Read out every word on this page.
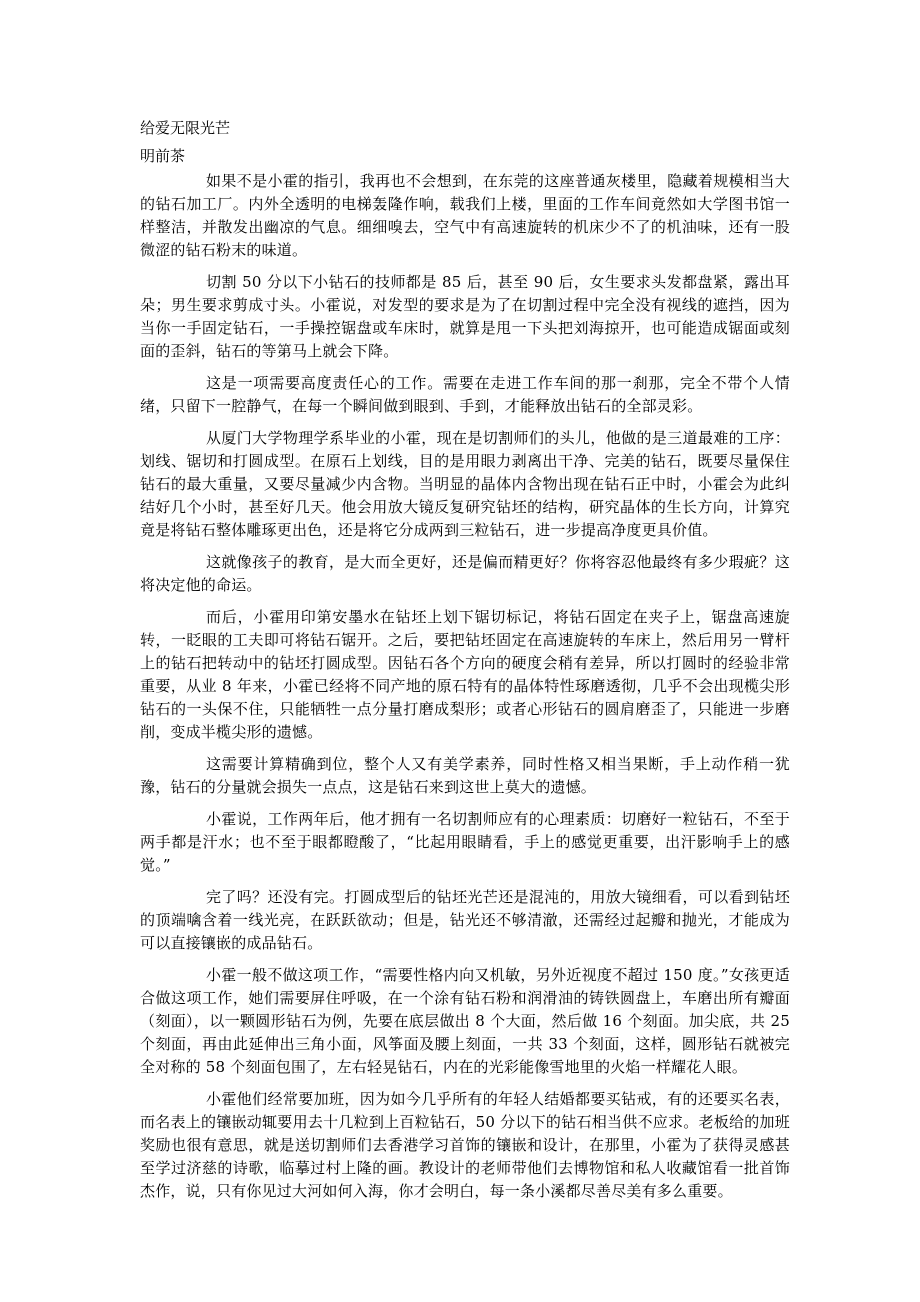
给爱无限光芒

明前茶

如果不是小霍的指引，我再也不会想到，在东莞的这座普通灰楼里，隐藏着规模相当大的钻石加工厂。内外全透明的电梯轰隆作响，载我们上楼，里面的工作车间竟然如大学图书馆一样整洁，并散发出幽凉的气息。细细嗅去，空气中有高速旋转的机床少不了的机油味，还有一股微涩的钻石粉末的味道。

切割 50 分以下小钻石的技师都是 85 后，甚至 90 后，女生要求头发都盘紧，露出耳朵；男生要求剪成寸头。小霍说，对发型的要求是为了在切割过程中完全没有视线的遮挡，因为当你一手固定钻石，一手操控锯盘或车床时，就算是甩一下头把刘海掠开，也可能造成锯面或刻面的歪斜，钻石的等第马上就会下降。

这是一项需要高度责任心的工作。需要在走进工作车间的那一刹那，完全不带个人情绪，只留下一腔静气，在每一个瞬间做到眼到、手到，才能释放出钻石的全部灵彩。

从厦门大学物理学系毕业的小霍，现在是切割师们的头儿，他做的是三道最难的工序：划线、锯切和打圆成型。在原石上划线，目的是用眼力剥离出干净、完美的钻石，既要尽量保住钻石的最大重量，又要尽量减少内含物。当明显的晶体内含物出现在钻石正中时，小霍会为此纠结好几个小时，甚至好几天。他会用放大镜反复研究钻坯的结构，研究晶体的生长方向，计算究竟是将钻石整体雕琢更出色，还是将它分成两到三粒钻石，进一步提高净度更具价值。

这就像孩子的教育，是大而全更好，还是偏而精更好？你将容忍他最终有多少瑕疵？这将决定他的命运。

而后，小霍用印第安墨水在钻坯上划下锯切标记，将钻石固定在夹子上，锯盘高速旋转，一眨眼的工夫即可将钻石锯开。之后，要把钻坯固定在高速旋转的车床上，然后用另一臂杆上的钻石把转动中的钻坯打圆成型。因钻石各个方向的硬度会稍有差异，所以打圆时的经验非常重要，从业 8 年来，小霍已经将不同产地的原石特有的晶体特性琢磨透彻，几乎不会出现榄尖形钻石的一头保不住，只能牺牲一点分量打磨成梨形；或者心形钻石的圆肩磨歪了，只能进一步磨削，变成半榄尖形的遗憾。

这需要计算精确到位，整个人又有美学素养，同时性格又相当果断，手上动作稍一犹豫，钻石的分量就会损失一点点，这是钻石来到这世上莫大的遗憾。

小霍说，工作两年后，他才拥有一名切割师应有的心理素质：切磨好一粒钻石，不至于两手都是汗水；也不至于眼都瞪酸了，“比起用眼睛看，手上的感觉更重要，出汗影响手上的感觉。”

完了吗？还没有完。打圆成型后的钻坯光芒还是混沌的，用放大镜细看，可以看到钻坯的顶端噙含着一线光亮，在跃跃欲动；但是，钻光还不够清澈，还需经过起瓣和抛光，才能成为可以直接镶嵌的成品钻石。

小霍一般不做这项工作，“需要性格内向又机敏，另外近视度不超过 150 度。”女孩更适合做这项工作，她们需要屏住呼吸，在一个涂有钻石粉和润滑油的铸铁圆盘上，车磨出所有瓣面（刻面），以一颗圆形钻石为例，先要在底层做出 8 个大面，然后做 16 个刻面。加尖底，共 25 个刻面，再由此延伸出三角小面，风筝面及腰上刻面，一共 33 个刻面，这样，圆形钻石就被完全对称的 58 个刻面包围了，左右轻晃钻石，内在的光彩能像雪地里的火焰一样耀花人眼。

小霍他们经常要加班，因为如今几乎所有的年轻人结婚都要买钻戒，有的还要买名表，而名表上的镶嵌动辄要用去十几粒到上百粒钻石，50 分以下的钻石相当供不应求。老板给的加班奖励也很有意思，就是送切割师们去香港学习首饰的镶嵌和设计，在那里，小霍为了获得灵感甚至学过济慈的诗歌，临摹过村上隆的画。教设计的老师带他们去博物馆和私人收藏馆看一批首饰杰作，说，只有你见过大河如何入海，你才会明白，每一条小溪都尽善尽美有多么重要。
